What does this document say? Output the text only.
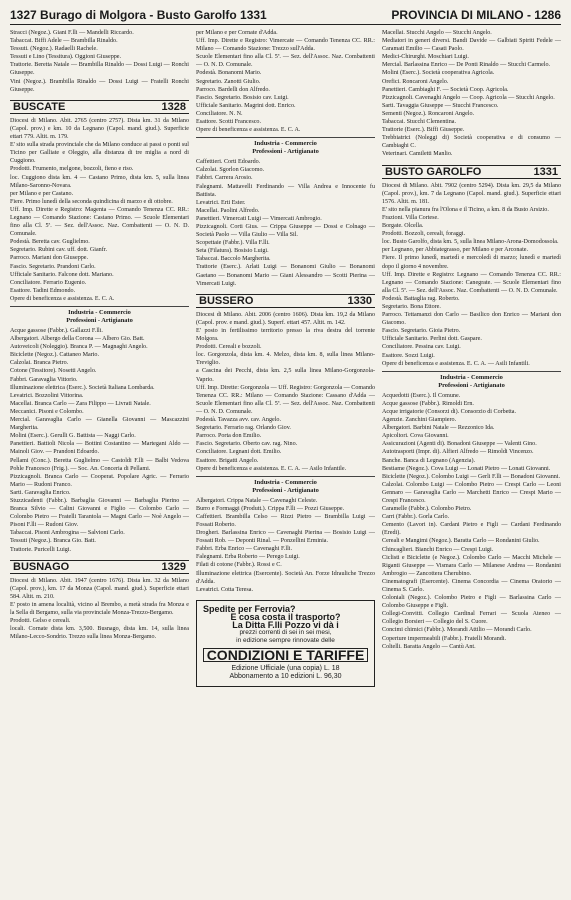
1327 Burago di Molgora - Busto Garolfo 1331	PROVINCIA DI MILANO - 1286

Stracci (Negoz.). Giani F.lli — Mandelli Riccardo.

Tabaccai. Biffi Adele — Brambilla Rinaldo.

Tessuti. (Negoz.). Radaelli Rachele.

Tessuti e Lino (Tessitura). Oggioni Giuseppe.

Trattorie. Beretta Natale — Brambilla Rinaldo — Dossi Luigi — Ronchi Giuseppe.

Vini (Negoz.). Brambilla Rinaldo — Dossi Luigi — Fratelli Ronchi Giuseppe.

BUSCATE	1328

Diocesi di Milano. Abit. 2765 (centro 2757). Dista km. 31 da Milano (Capol. prov.) e km. 10 da Legnano (Capol. mand. giud.). Superficie ettari 779. Altit. m. 179.

E' sito sulla strada provinciale che da Milano conduce ai passi o ponti sul Ticino per Galliate e Oleggio, alla distanza di tre miglia a nord di Cuggiono.

Prodotti. Frumento, melgone, bozzoli, fieno e riso.

loc. Cuggiono dista km. 4 — Castano Primo, dista km. 5, sulla linea Milano-Saronno-Novara.

per Milano e per Castano.

Fiere. Primo lunedì della seconda quindicina di marzo e di ottobre.

Uff. Imp. Dirette e Registro: Magenta — Comando Tenenza CC. RR.: Legnano — Comando Stazione: Castano Primo. — Scuole Elementari fino alla Cl. 5ª. — Sez. dell'Assoc. Naz. Combattenti — O. N. D. Comunale.

Podestà. Beretta cav. Guglielmo.

Segretario. Rubini cav. uff. dott. Gianfr.

Parroco. Mariani don Giuseppe.

Fascio. Segretario. Prandoni Carlo.

Ufficiale Sanitario. Falcone dott. Mariano.

Conciliatore. Ferrario Eugenio.

Esattore. Tadini Edmondo.

Opere di beneficenza e assistenza. E. C. A.

Industria - Commercio
Professioni - Artigianato

Acque gassose (Fabbr.). Gallazzi F.lli.

Albergatori. Albergo della Corona — Albero Gio. Batt.

Autoveicoli (Noleggio). Branca P. — Magnaghi Angelo.

Biciclette (Negoz.). Cattaneo Mario.

Calzolai. Branca Pietro.

Cotone (Tessitore). Nosetti Angelo.

Fabbri. Garavaglia Vittorio.

Illuminazione elettrica (Eserc.). Società Italiana Lombarda.

Levatrici. Bozzolini Vittorina.

Macellai. Branca Carlo — Zara Filippo — Livrati Natale.

Meccanici. Pisoni e Colombo.

Mercial. Garavaglia Carlo — Gianella Giovanni — Mascazzini Margherita.

Molini (Eserc.). Gerulli G. Battista — Naggi Carlo.

Panettieri. Battioli Nicola — Bottini Costantino — Martegani Aldo — Mainoli Giov. — Prandoni Edoardo.

Pellami (Conc.). Beretta Guglielmo — Castoldi F.lli — Balbi Vedova Pohle Francesco (Frig.). — Soc. An. Conceria di Pellami.

Pizzicagnoli. Branca Carlo — Cooperat. Popolare Agric. — Ferrario Mario — Rudoni Franco.

Sarti. Garavaglia Enrico.

Stuzzicadenti (Fabbr.). Barbaglia Giovanni — Barbaglia Pierino — Branca Silvio — Calini Giovanni e Figlio — Colombo Carlo — Colombo Pietro — Fratelli Tarantola — Magni Carlo — Noè Angelo — Pisoni F.lli — Rudoni Giov.

Tabaccai. Pisoni Ambrogina — Salvioni Carlo.

Tessuti (Negoz.). Branca Gio. Batt.

Trattorie. Puricelli Luigi.

BUSNAGO	1329

Diocesi di Milano. Abit. 1947 (centro 1676). Dista km. 32 da Milano (Capol. prov.), km. 17 da Monza (Capol. mand. giud.). Superficie ettari 584. Altit. m. 210.

E' posto in amena località, vicino al Brembo, a metà strada fra Monza e la Sella di Bergamo, sulla via provinciale Monza-Trezzo-Bergamo.

Prodotti. Gelso e cereali.

locali. Cornate dista km. 3,500. Busnago, dista km. 14, sulla linea Milano-Lecco-Sondrio. Trezzo sulla linea Monza-Bergamo.

per Milano e per Cornate d'Adda.

Uff. Imp. Dirette e Registro: Vimercate — Comando Tenenza CC. RR.: Milano — Comando Stazione: Trezzo sull'Adda.

Scuole Elementari fino alla Cl. 5ª. — Sez. dell'Assoc. Naz. Combattenti — O. N. D. Comunale.

Podestà. Bonanomi Mario.

Segretario. Zanotti Giulio.

Parroco. Bardelli don Alfredo.

Fascio. Segretario. Bosisio cav. Luigi.

Ufficiale Sanitario. Magrini dott. Enrico.

Conciliatore. N. N.

Esattore. Scotti Francesco.

Opere di beneficenza e assistenza. E. C. A.

Industria - Commercio
Professioni - Artigianato

Caffettieri. Corti Edoardo.

Calzolai. Sgorlon Giacomo.

Fabbri. Carrera Arosio.

Falegnami. Mattavelli Ferdinando — Villa Andrea e Innocente fu Battista.

Levatrici. Erti Ester.

Macellai. Paolini Alfredo.

Panettieri. Vimercati Luigi — Vimercati Ambrogio.

Pizzicagnoli. Corti Gius. — Crippa Giuseppe — Dossi e Colnago — Società Paolo — Villa Giulio — Villa Sil.

Scopettaie (Fabbr.). Villa F.lli.

Seta (Filatura). Bosisio Luigi.

Tabaccai. Baccolo Margherita.

Trattorie (Eserc.). Arlati Luigi — Bonanomi Giulio — Bonanomi Gaetano — Bonanomi Mario — Giani Alessandro — Scotti Pierina — Vimercati Luigi.

BUSSERO	1330

Diocesi di Milano. Abit. 2006 (centro 1606). Dista km. 19,2 da Milano (Capol. prov. e mand. giud.). Superf. ettari 457. Altit. m. 142.

E' posto in fertilissimo territorio presso la riva destra del torrente Molgora.

Prodotti. Cereali e bozzoli.

loc. Gorgonzola, dista km. 4. Melzo, dista km. 8, sulla linea Milano-Treviglio.

a Cascina dei Pecchi, dista km. 2,5 sulla linea Milano-Gorgonzola-Vaprio.

Uff. Imp. Dirette: Gorgonzola — Uff. Registro: Gorgonzola — Comando Tenenza CC. RR.: Milano — Comando Stazione: Cassano d'Adda — Scuole Elementari fino alla Cl. 5ª. — Sez. dell'Assoc. Naz. Combattenti — O. N. D. Comunale.

Podestà. Tavazza avv. cav. Angelo.

Segretario. Ferrario rag. Orlando Giov.

Parroco. Porta don Emilio.

Fascio. Segretario. Oberto cav. rag. Nino.

Conciliatore. Legnani dott. Emilio.

Esattore. Brigatti Angelo.

Opere di beneficenza e assistenza. E. C. A. — Asilo Infantile.

Industria - Commercio
Professioni - Artigianato

Albergatori. Crippa Natale — Cavenaghi Celeste.

Burro e Formaggi (Produtt.). Crippa F.lli — Pozzi Giuseppe.

Caffettieri. Brambilla Celso — Rizzi Pietro — Brambilla Luigi — Fossati Roberto.

Drogheri. Barlassina Enrico — Cavenaghi Pierina — Bosisio Luigi — Fossati Rob. — Deponti Rinal. — Ponzellini Erminia.

Fabbri. Erba Enrico — Cavenaghi F.lli.

Falegnami. Erba Roberto — Perego Luigi.

Filati di cotone (Fabbr.). Rossi e C.

Illuminazione elettrica (Esercente). Società An. Forze Idrauliche Trezzo d'Adda.

Levatrici. Cotta Teresa.

Spedite per Ferrovia?
E cosa costa il trasporto?
La Ditta F.lli Pozzo vi dà i
prezzi correnti di sei in sei mesi,
in edizione sempre rinnovate delle
CONDIZIONI E TARIFFE
Edizione Ufficiale (una copia) L. 18
Abbonamento a 10 edizioni L. 96,30

Macellai. Stucchi Angelo — Stucchi Angelo.

Mediatori in generi diversi. Bandi Davide — Galbiati Spiriti Fedele — Caramati Emilio — Casati Paolo.

Medici-Chirurghi. Moschiari Luigi.

Mercial. Barlassina Enrico — De Ponti Rinaldo — Stucchi Carmelo.

Molini (Eserc.). Società cooperativa Agricola.

Orefici. Roncaroni Angelo.

Panettieri. Cambiaghi F. — Società Coop. Agricola.

Pizzicagnoli. Cavenaghi Angelo — Coop. Agricola — Stucchi Angelo.

Sarti. Tavaggia Giuseppe — Stucchi Francesco.

Sementi (Negoz.). Roncaroni Angelo.

Tabaccai. Stucchi Clementina.

Trattorie (Eserc.). Biffi Giuseppe.

Trebbiatrici (Noleggi di) Società cooperativa e di consumo — Cambiaghi C.

Veterinari. Camiletti Manlio.

BUSTO GAROLFO	1331

Diocesi di Milano. Abit. 7902 (centro 5294). Dista km. 29,5 da Milano (Capol. prov.), km. 7 da Legnano (Capol. mand. giud.). Superficie ettari 1576. Altit. m. 181.

E' sito nella pianura fra l'Olona e il Ticino, a km. 8 da Busto Arsizio.

Frazioni. Villa Cortese.

Borgate. Olcella.

Prodotti. Bozzoli, cereali, foraggi.

loc. Busto Garolfo, dista km. 5, sulla linea Milano-Arona-Domodossola.

per Legnano, per Abbiategrasso, per Milano e per Arconate.

Fiere. Il primo lunedì, martedì e mercoledì di marzo; lunedì e martedì dopo il giorno 4 novembre.

Uff. Imp. Dirette e Registro: Legnano — Comando Tenenza CC. RR.: Legnano — Comando Stazione: Canegrate. — Scuole Elementari fino alla Cl. 5ª. — Sez. dell'Assoc. Naz. Combattenti — O. N. D. Comunale.

Podestà. Battaglia rag. Roberto.

Segretario. Bona Ettore.

Parroco. Tettamanzi don Carlo — Basilico don Enrico — Mariani don Giacomo.

Fascio. Segretario. Gioia Pietro.

Ufficiale Sanitario. Perlini dott. Gaspare.

Conciliatore. Pessina cav. Luigi.

Esattore. Sozzi Luigi.

Opere di beneficenza e assistenza. E. C. A. — Asili Infantili.

Industria - Commercio
Professioni - Artigianato

Acquedotti (Eserc.). Il Comune.

Acque gassose (Fabbr.). Rimoldi Ern.

Acque irrigatorie (Consorzi di). Consorzio di Corbetta.

Agenzie. Zanchini Giampiero.

Albergatori. Barbini Natale — Rezzonico Ida.

Apicoltori. Cova Giovanni.

Assicurazioni (Agenti di). Bonadoni Giuseppe — Valenti Gino.

Autotrasporti (Impr. di). Alfieri Alfredo — Rimoldi Vincenzo.

Banche. Banca di Legnano (Agenzia).

Bestiame (Negoz.). Cova Luigi — Lonati Pietro — Lonati Giovanni.

Biciclette (Negoz.). Colombo Luigi — Gerli F.lli — Bonadoni Giovanni.

Calzolai. Colombo Luigi — Colombo Pietro — Crespi Carlo — Leoni Gennaro — Garavaglia Carlo — Marchetti Enrico — Crespi Mario — Crespi Francesco.

Caramelle (Fabbr.). Colombo Pietro.

Carri (Fabbr.). Gorla Carlo.

Cemento (Lavori in). Cardani Pietro e Figli — Cardani Ferdinando (Eredi).

Cereali e Mangimi (Negoz.). Baratta Carlo — Rondanini Giulio.

Chincaglieri. Bianchi Enrico — Crespi Luigi.

Ciclisti e Biciclette (e Negoz.). Colombo Carlo — Macchi Michele — Riganti Giuseppe — Vismara Carlo — Milanese Andrea — Rondanini Ambrogio — Zancottera Cherubino.

Cinematografi (Esercente). Cinema Concordia — Cinema Oratorio — Cinema S. Carlo.

Coloniali (Negoz.). Colombo Pietro e Figli — Barlassina Carlo — Colombo Giuseppe e Figli.

Collegi-Convitti. Collegio Cardinal Ferrari — Scuola Ateneo — Collegio Borsieri — Collegio del S. Cuore.

Concimi chimici (Fabbr.). Morandi Attilio — Morandi Carlo.

Coperture impermeabili (Fabbr.). Fratelli Morandi.

Coltelli. Baratta Angelo — Cantù Ant.
